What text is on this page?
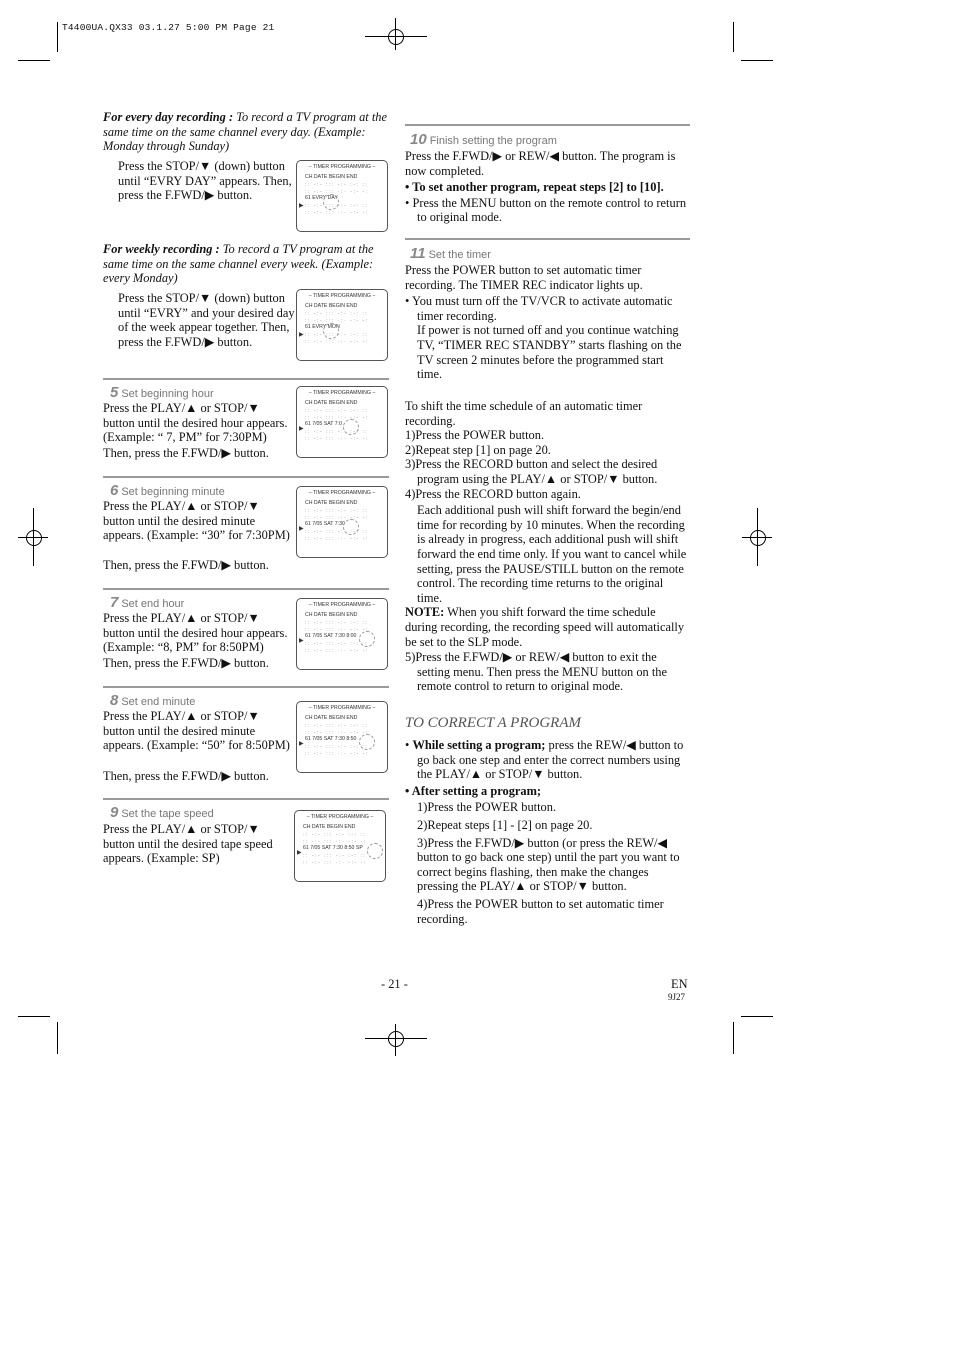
T4400UA.QX33 03.1.27 5:00 PM Page 21

For every day recording : To record a TV program at the same time on the same channel every day. (Example: Monday through Sunday)

Press the STOP/▼ (down) button until “EVRY DAY” appears. Then, press the F.FWD/▶ button.

– TIMER PROGRAMMING –
CH DATE BEGIN END
:: -:- ::: -:- :-: ::
:: -:- ::: ·:· -:- -:
61 EVRY DAY
:: -:- ::: -:- :-: ::
:: -:- ::: ·:· -:- -:
▶

For weekly recording : To record a TV program at the same time on the same channel every week. (Example: every Monday)

Press the STOP/▼ (down) button until “EVRY” and your desired day of the week appear together. Then, press the F.FWD/▶ button.

– TIMER PROGRAMMING –
CH DATE BEGIN END
:: -:- ::: -:- :-: ::
:: -:- ::: ·:· -:- -:
61 EVRY MON
:: -:- ::: -:- :-: ::
:: -:- ::: ·:· -:- -:
▶
5 Set beginning hour

Press the PLAY/▲ or STOP/▼ button until the desired hour appears. (Example: “ 7, PM” for 7:30PM)

Then, press the F.FWD/▶ button.

– TIMER PROGRAMMING –
CH DATE BEGIN END
:: -:- ::: -:- :-: ::
:: -:- ::: ·:· -:- -:
61 7/05 SAT 7:0
:: -:- ::: -:- :-: ::
:: -:- ::: ·:· -:- -:
▶
6 Set beginning minute

Press the PLAY/▲ or STOP/▼ button until the desired minute appears. (Example: “30” for 7:30PM)

Then, press the F.FWD/▶ button.

– TIMER PROGRAMMING –
CH DATE BEGIN END
:: -:- ::: -:- :-: ::
:: -:- ::: ·:· -:- -:
61 7/05 SAT 7:30
:: -:- ::: -:- :-: ::
:: -:- ::: ·:· -:- -:
▶
7 Set end hour

Press the PLAY/▲ or STOP/▼ button until the desired hour appears. (Example: “8, PM” for 8:50PM)

Then, press the F.FWD/▶ button.

– TIMER PROGRAMMING –
CH DATE BEGIN END
:: -:- ::: -:- :-: ::
:: -:- ::: ·:· -:- -:
61 7/05 SAT 7:30 8:00
:: -:- ::: -:- :-: ::
:: -:- ::: ·:· -:- -:
▶
8 Set end minute

Press the PLAY/▲ or STOP/▼ button until the desired minute appears. (Example: “50” for 8:50PM)

Then, press the F.FWD/▶ button.

– TIMER PROGRAMMING –
CH DATE BEGIN END
:: -:- ::: -:- :-: ::
:: -:- ::: ·:· -:- -:
61 7/05 SAT 7:30 8:50
:: -:- ::: -:- :-: ::
:: -:- ::: ·:· -:- -:
▶
9 Set the tape speed

Press the PLAY/▲ or STOP/▼ button until the desired tape speed appears. (Example: SP)

– TIMER PROGRAMMING –
CH DATE BEGIN END
:: -:- ::: -:- :-: ::
:: -:- ::: ·:· -:- -:
61 7/05 SAT 7:30 8:50 SP
:: -:- ::: -:- :-: ::
:: -:- ::: ·:· -:- -:
▶
10 Finish setting the program

Press the F.FWD/▶ or REW/◀ button. The program is now completed.

• To set another program, repeat steps [2] to [10].

• Press the MENU button on the remote control to return to original mode.

11 Set the timer

Press the POWER button to set automatic timer recording. The TIMER REC indicator lights up.

• You must turn off the TV/VCR to activate automatic timer recording.

If power is not turned off and you continue watching TV, “TIMER REC STANDBY” starts flashing on the TV screen 2 minutes before the programmed start time.

To shift the time schedule of an automatic timer recording.

1)Press the POWER button.

2)Repeat step [1] on page 20.

3)Press the RECORD button and select the desired program using the PLAY/▲ or STOP/▼ button.

4)Press the RECORD button again.

Each additional push will shift forward the begin/end time for recording by 10 minutes. When the recording is already in progress, each additional push will shift forward the end time only. If you want to cancel while setting, press the PAUSE/STILL button on the remote control. The recording time returns to the original time.

NOTE: When you shift forward the time schedule during recording, the recording speed will automatically be set to the SLP mode.

5)Press the F.FWD/▶ or REW/◀ button to exit the setting menu. Then press the MENU button on the remote control to return to original mode.

TO CORRECT A PROGRAM

• While setting a program; press the REW/◀ button to go back one step and enter the correct numbers using the PLAY/▲ or STOP/▼ button.

• After setting a program;

1)Press the POWER button.

2)Repeat steps [1] - [2] on page 20.

3)Press the F.FWD/▶ button (or press the REW/◀ button to go back one step) until the part you want to correct begins flashing, then make the changes pressing the PLAY/▲ or STOP/▼ button.

4)Press the POWER button to set automatic timer recording.

- 21 -	EN
9J27
